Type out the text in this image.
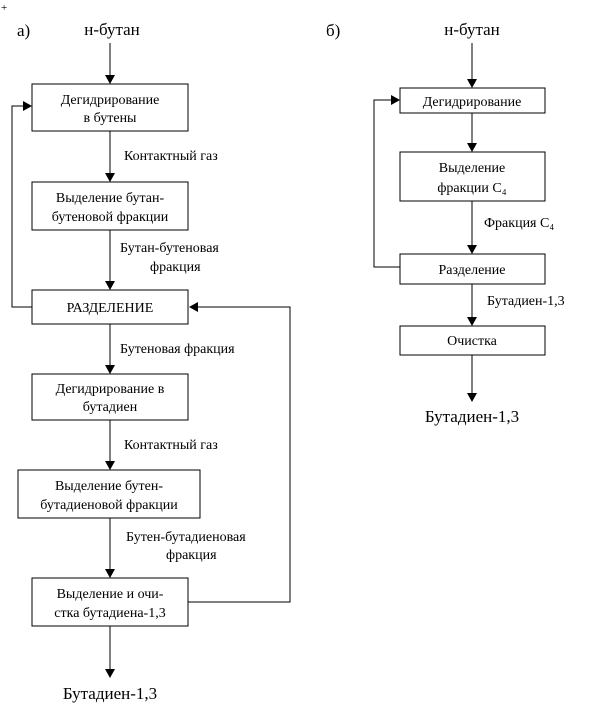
+
а)	н-бутан
Дегидрирование
в бутены
Выделение бутан-
бутеновой фракции
РАЗДЕЛЕНИЕ
Дегидрирование в
бутадиен
Выделение бутен-
бутадиеновой фракции
Выделение и очи-
стка бутадиена-1,3
Контактный газ
Бутан-бутеновая
фракция
Бутеновая фракция
Контактный газ
Бутен-бутадиеновая
фракция
Бутадиен-1,3
б)	н-бутан
Дегидрирование
Выделение
фракции C₄
Разделение
Очистка
Фракция C₄
Бутадиен-1,3
Бутадиен-1,3
